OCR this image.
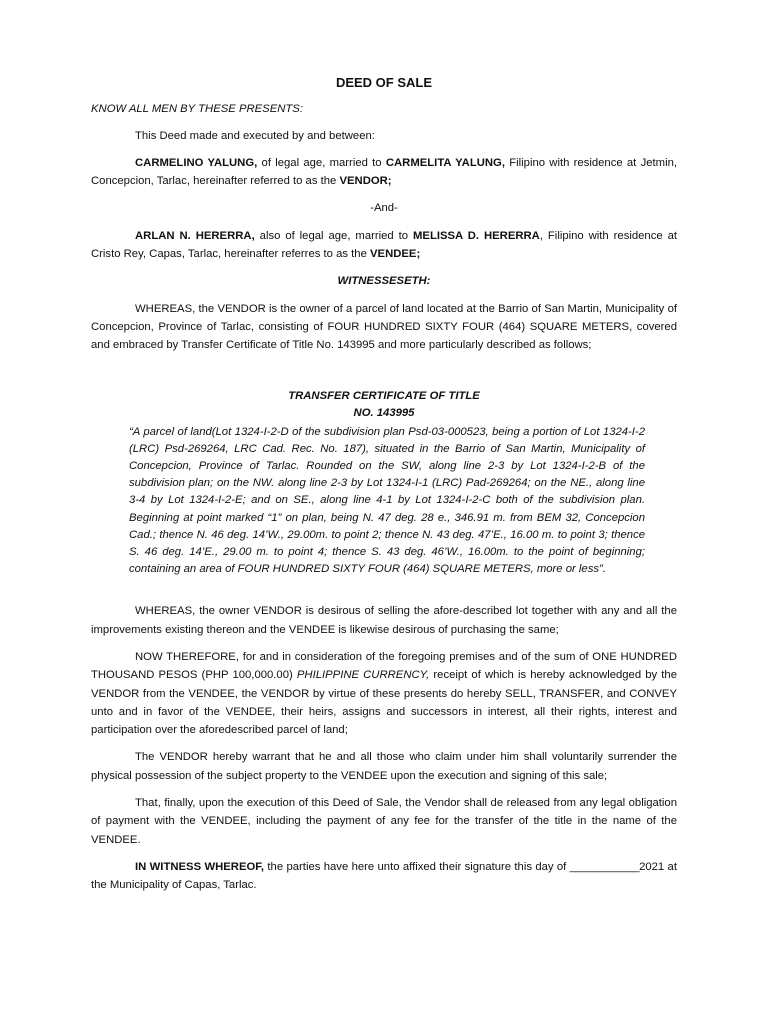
DEED OF SALE
KNOW ALL MEN BY THESE PRESENTS:

This Deed made and executed by and between:

CARMELINO YALUNG, of legal age, married to CARMELITA YALUNG, Filipino with residence at Jetmin, Concepcion, Tarlac, hereinafter referred to as the VENDOR;

-And-

ARLAN N. HERERRA, also of legal age, married to MELISSA D. HERERRA, Filipino with residence at Cristo Rey, Capas, Tarlac, hereinafter referres to as the VENDEE;

WITNESSESETH:

WHEREAS, the VENDOR is the owner of a parcel of land located at the Barrio of San Martin, Municipality of Concepcion, Province of Tarlac, consisting of FOUR HUNDRED SIXTY FOUR (464) SQUARE METERS, covered and embraced by Transfer Certificate of Title No. 143995 and more particularly described as follows;

TRANSFER CERTIFICATE OF TITLE
NO. 143995
“A parcel of land(Lot 1324-I-2-D of the subdivision plan Psd-03-000523, being a portion of Lot 1324-I-2 (LRC) Psd-269264, LRC Cad. Rec. No. 187), situated in the Barrio of San Martin, Municipality of Concepcion, Province of Tarlac. Rounded on the SW, along line 2-3 by Lot 1324-I-2-B of the subdivision plan; on the NW. along line 2-3 by Lot 1324-I-1 (LRC) Pad-269264; on the NE., along line 3-4 by Lot 1324-I-2-E; and on SE., along line 4-1 by Lot 1324-I-2-C both of the subdivision plan. Beginning at point marked “1” on plan, being N. 47 deg. 28 e., 346.91 m. from BEM 32, Concepcion Cad.; thence N. 46 deg. 14’W., 29.00m. to point 2; thence N. 43 deg. 47’E., 16.00 m. to point 3; thence S. 46 deg. 14’E., 29.00 m. to point 4; thence S. 43 deg. 46’W., 16.00m. to the point of beginning; containing an area of FOUR HUNDRED SIXTY FOUR (464) SQUARE METERS, more or less”.

WHEREAS, the owner VENDOR is desirous of selling the afore-described lot together with any and all the improvements existing thereon and the VENDEE is likewise desirous of purchasing the same;

NOW THEREFORE, for and in consideration of the foregoing premises and of the sum of ONE HUNDRED THOUSAND PESOS (PHP 100,000.00) PHILIPPINE CURRENCY, receipt of which is hereby acknowledged by the VENDOR from the VENDEE, the VENDOR by virtue of these presents do hereby SELL, TRANSFER, and CONVEY unto and in favor of the VENDEE, their heirs, assigns and successors in interest, all their rights, interest and participation over the aforedescribed parcel of land;

The VENDOR hereby warrant that he and all those who claim under him shall voluntarily surrender the physical possession of the subject property to the VENDEE upon the execution and signing of this sale;

That, finally, upon the execution of this Deed of Sale, the Vendor shall de released from any legal obligation of payment with the VENDEE, including the payment of any fee for the transfer of the title in the name of the VENDEE.

IN WITNESS WHEREOF, the parties have here unto affixed their signature this day of ____________2021 at the Municipality of Capas, Tarlac.
